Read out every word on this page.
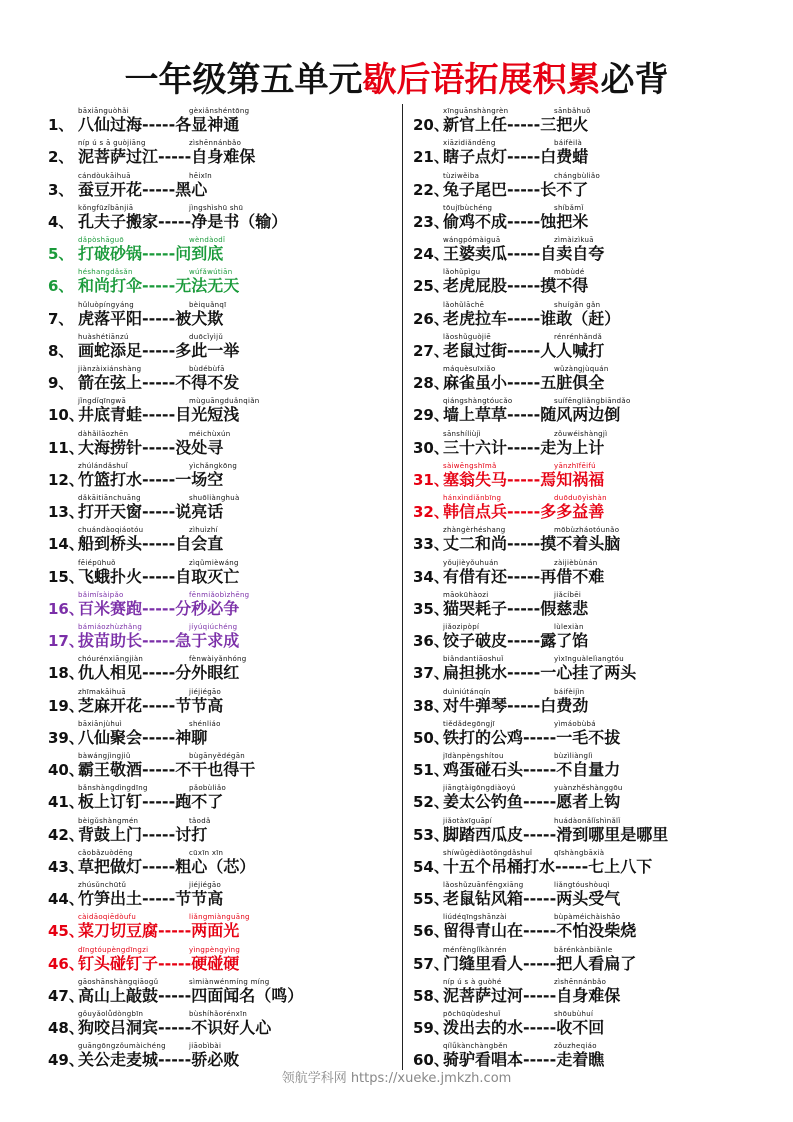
一年级第五单元歇后语拓展积累必背
bāxiānguòhǎi	gèxiǎnshéntōng
1、 八仙过海-----各显神通
níp ú s ā guòjiāng	zìshēnnánbǎo
2、 泥菩萨过江-----自身难保
cándòukāihuā	hēixīn
3、 蚕豆开花-----黑心
kǒngfūzǐbānjiā	jìngshìshū shū
4、 孔夫子搬家-----净是书（输）
dǎpòshāguō	wèndàodǐ
5、 打破砂锅-----问到底
héshangdǎsǎn	wúfǎwútiān
6、 和尚打伞-----无法无天
hǔluòpíngyáng	bèiquǎnqī
7、 虎落平阳-----被犬欺
huàshétiānzú	duōcǐyìjǔ
8、 画蛇添足-----多此一举
jiànzàixiánshàng	bùdébùfā
9、 箭在弦上-----不得不发
jǐngdǐqīngwā	mùguāngduǎnqiǎn
10、
井底青蛙-----目光短浅
dàhǎilāozhēn	méichùxún
11、
大海捞针-----没处寻
zhúlándǎshuǐ	yìchǎngkōng
12、
竹篮打水-----一场空
dǎkāitiānchuāng	shuōliànghuà
13、
打开天窗-----说亮话
chuándàoqiáotóu	zìhuìzhí
14、
船到桥头-----自会直
fēiépūhuǒ	zìqǔmièwáng
15、
飞蛾扑火-----自取灭亡
bǎimǐsàipǎo	fēnmiǎobìzhēng
16、
百米赛跑-----分秒必争
bámiáozhùzhǎng	jíyúqiúchéng
17、
拔苗助长-----急于求成
chóurénxiāngjiàn	fènwàiyǎnhóng
18、
仇人相见-----分外眼红
zhīmakāihuā	jiéjiégāo
19、
芝麻开花-----节节高
bāxiānjùhuì	shénliáo
39、
八仙聚会-----神聊
bàwángjìngjiǔ	bùgānyědégān
40、
霸王敬酒-----不干也得干
bǎnshàngdìngdīng	pǎobùliǎo
41、
板上订钉-----跑不了
bèigǔshàngmén	tǎodǎ
42、
背鼓上门-----讨打
cǎobǎzuòdēng	cūxīn xīn
43、
草把做灯-----粗心（芯）
zhúsǔnchūtǔ	jiéjiégāo
44、
竹笋出土-----节节高
càidāoqiēdòufu	liǎngmiànguāng
45、
菜刀切豆腐-----两面光
dīngtóupèngdīngzi	yìngpèngyìng
46、
钉头碰钉子-----硬碰硬
gāoshānshàngqiāogǔ	sìmiànwénmíng míng
47、
高山上敲鼓-----四面闻名（鸣）
gǒuyǎolǚdòngbīn	bùshíhǎorénxīn
48、
狗咬吕洞宾-----不识好人心
guāngōngzǒumàichéng	jiāobìbài
49、
关公走麦城-----骄必败
xīnguānshàngrèn	sānbǎhuǒ
20、
新官上任-----三把火
xiāzidiǎndēng	báifèilà
21、
瞎子点灯-----白费蜡
tùziwěiba	chángbùliǎo
22、
兔子尾巴-----长不了
tōujībùchéng	shíbǎmǐ
23、
偷鸡不成-----蚀把米
wángpómàiguā	zìmàizìkuā
24、
王婆卖瓜-----自卖自夸
lǎohǔpìgu	mōbùdé
25、
老虎屁股-----摸不得
lǎohǔlāchē	shuígǎn gǎn
26、
老虎拉车-----谁敢（赶）
lǎoshǔguòjiē	rénrénhǎndǎ
27、
老鼠过街-----人人喊打
máquèsuīxiǎo	wǔzàngjùquán
28、
麻雀虽小-----五脏俱全
qiángshàngtóucǎo	suífēngliǎngbiāndǎo
29、
墙上草草-----随风两边倒
sānshíliùjì	zǒuwéishàngjì
30、
三十六计-----走为上计
sàiwēngshīmǎ	yānzhīfēifú
31、
塞翁失马-----焉知祸福
hánxìndiǎnbīng	duōduōyìshàn
32、
韩信点兵-----多多益善
zhàngèrhéshang	mōbùzháotóunǎo
33、
丈二和尚-----摸不着头脑
yǒujièyǒuhuán	zàijièbùnán
34、
有借有还-----再借不难
māokūhàozi	jiǎcíbēi
35、
猫哭耗子-----假慈悲
jiǎozipòpí	lùlexiàn
36、
饺子破皮-----露了馅
biǎndantiāoshuǐ	yìxīnguàlelìangtóu
37、
扁担挑水-----一心挂了两头
duìniútánqín	báifèijìn
38、
对牛弹琴-----白费劲
tiědǎdegōngjī	yìmáobùbá
50、
铁打的公鸡-----一毛不拔
jīdànpèngshítou	bùzìliànglì
51、
鸡蛋碰石头-----不自量力
jiāngtàigōngdiàoyú	yuànzhěshànggōu
52、
姜太公钓鱼-----愿者上钩
jiǎotàxīguāpí	huádàonǎlǐshìnǎlǐ
53、
脚踏西瓜皮-----滑到哪里是哪里
shíwǔgèdiàotǒngdǎshuǐ	qīshàngbāxià
54、
十五个吊桶打水-----七上八下
lǎoshǔzuānfēngxiāng	liǎngtóushòuqì
55、
老鼠钻风箱-----两头受气
liúdéqīngshānzài	bùpàméichàishāo
56、
留得青山在-----不怕没柴烧
ménfènglǐkànrén	bǎrénkànbiǎnle
57、
门缝里看人-----把人看扁了
níp ú s à guòhé	zìshēnnánbǎo
58、
泥菩萨过河-----自身难保
pōchūqùdeshuǐ	shōubùhuí
59、
泼出去的水-----收不回
qílǘkànchàngběn	zǒuzheqiáo
60、
骑驴看唱本-----走着瞧
领航学科网 https://xueke.jmkzh.com
